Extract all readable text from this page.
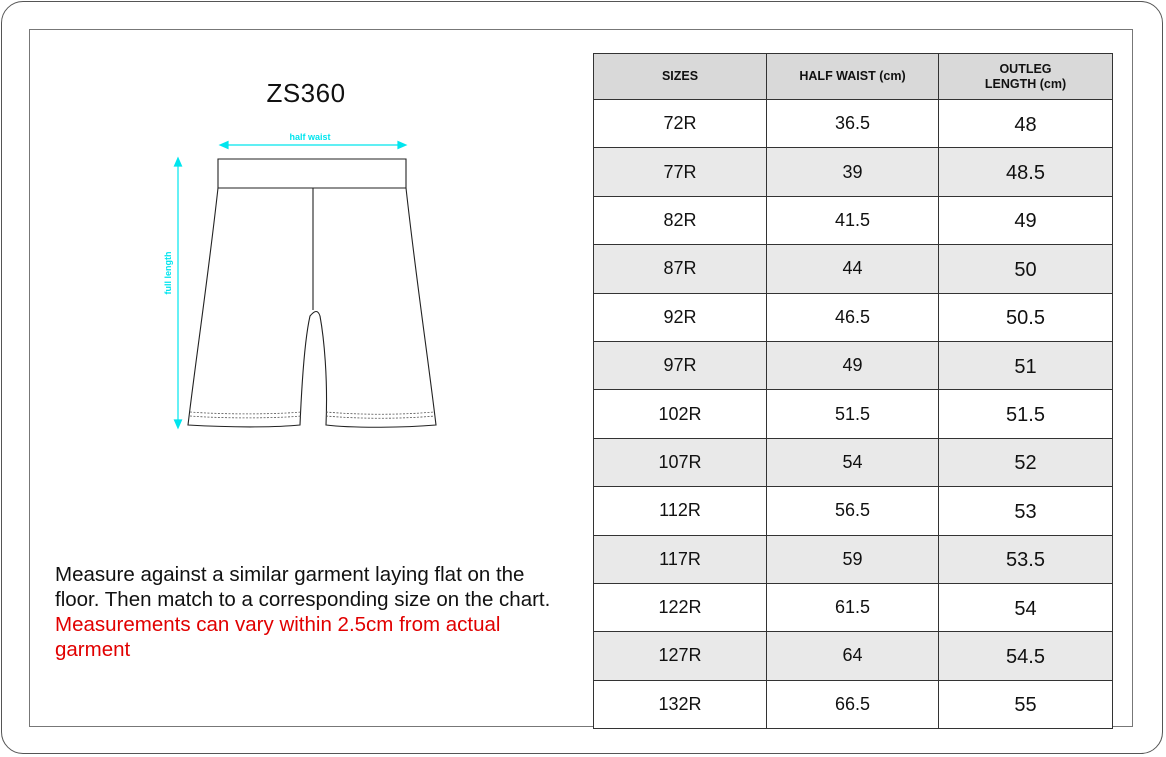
ZS360
half waist
full length
Measure against a similar garment laying flat on the floor. Then match to a corresponding size on the chart.
Measurements can vary within 2.5cm from actual garment
SIZES	HALF WAIST (cm)	OUTLEG
LENGTH (cm)
72R	36.5	48
77R	39	48.5
82R	41.5	49
87R	44	50
92R	46.5	50.5
97R	49	51
102R	51.5	51.5
107R	54	52
112R	56.5	53
117R	59	53.5
122R	61.5	54
127R	64	54.5
132R	66.5	55
